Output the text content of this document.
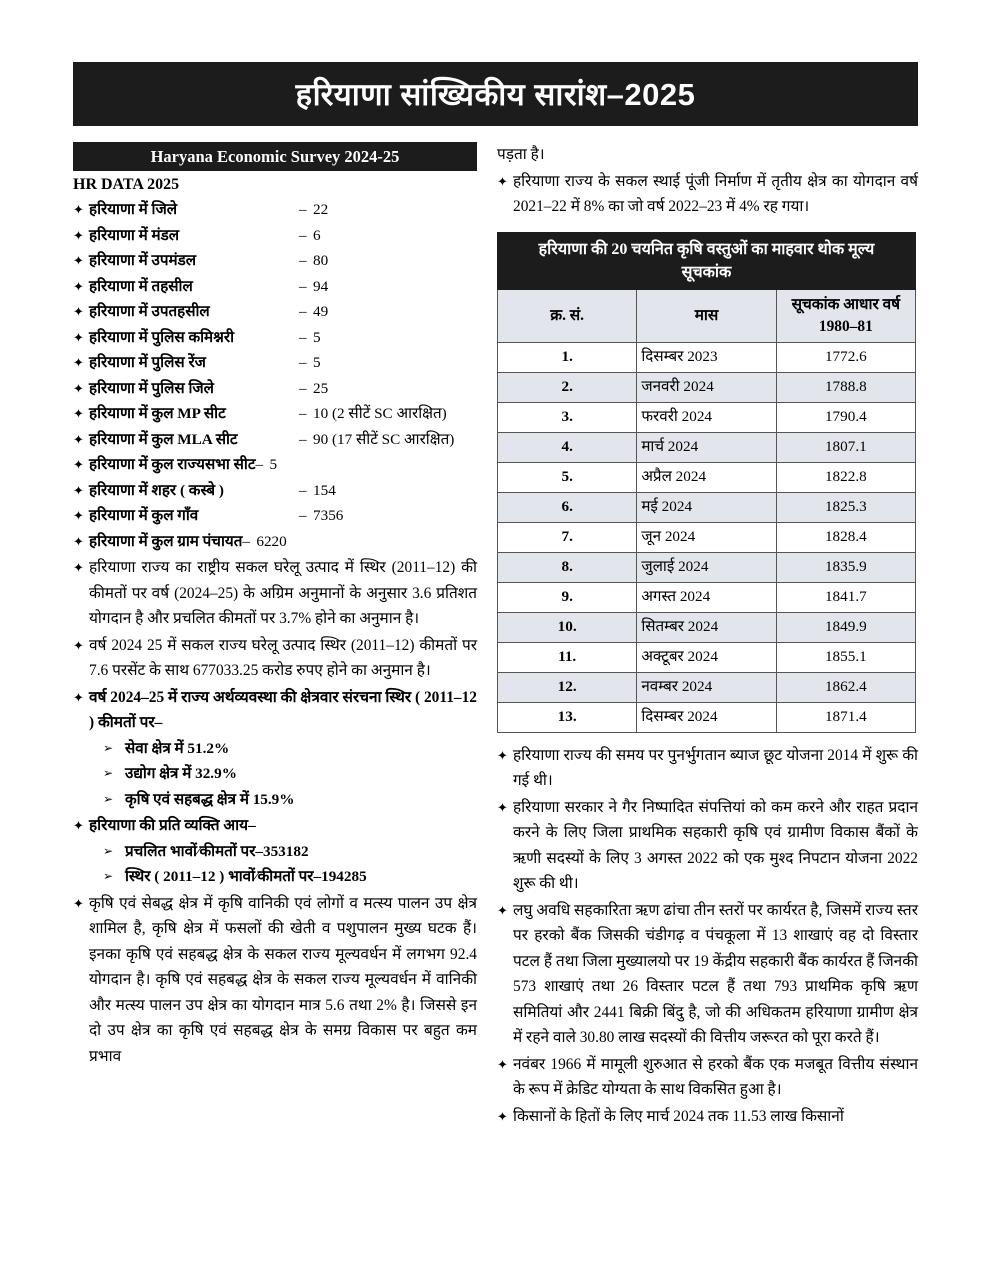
हरियाणा सांख्यिकीय सारांश–2025
Haryana Economic Survey 2024-25
HR DATA 2025
✦ हरियाणा में जिले	– 22
✦ हरियाणा में मंडल	– 6
✦ हरियाणा में उपमंडल	– 80
✦ हरियाणा में तहसील	– 94
✦ हरियाणा में उपतहसील	– 49
✦ हरियाणा में पुलिस कमिश्नरी	– 5
✦ हरियाणा में पुलिस रेंज	– 5
✦ हरियाणा में पुलिस जिले	– 25
✦ हरियाणा में कुल MP सीट	– 10 (2 सीटें SC आरक्षित)
✦ हरियाणा में कुल MLA सीट	– 90 (17 सीटें SC आरक्षित)
✦ हरियाणा में कुल राज्यसभा सीट – 5
✦ हरियाणा में शहर ( कस्बे )	– 154
✦ हरियाणा में कुल गाँव	– 7356
✦ हरियाणा में कुल ग्राम पंचायत – 6220
✦ हरियाणा राज्य का राष्ट्रीय सकल घरेलू उत्पाद में स्थिर (2011–12) की कीमतों पर वर्ष (2024–25) के अग्रिम अनुमानों के अनुसार 3.6 प्रतिशत योगदान है और प्रचलित कीमतों पर 3.7% होने का अनुमान है।
✦ वर्ष 2024 25 में सकल राज्य घरेलू उत्पाद स्थिर (2011–12) कीमतों पर 7.6 परसेंट के साथ 677033.25 करोड रुपए होने का अनुमान है।
✦ वर्ष 2024–25 में राज्य अर्थव्यवस्था की क्षेत्रवार संरचना स्थिर ( 2011–12 ) कीमतों पर–
➢ सेवा क्षेत्र में 51.2%
➢ उद्योग क्षेत्र में 32.9%
➢ कृषि एवं सहबद्ध क्षेत्र में 15.9%
✦ हरियाणा की प्रति व्यक्ति आय–
➢ प्रचलित भावों⁄कीमतों पर–353182
➢ स्थिर ( 2011–12 ) भावों⁄कीमतों पर–194285
✦ कृषि एवं सेबद्ध क्षेत्र में कृषि वानिकी एवं लोगों व मत्स्य पालन उप क्षेत्र शामिल है, कृषि क्षेत्र में फसलों की खेती व पशुपालन मुख्य घटक हैं। इनका कृषि एवं सहबद्ध क्षेत्र के सकल राज्य मूल्यवर्धन में लगभग 92.4 योगदान है। कृषि एवं सहबद्ध क्षेत्र के सकल राज्य मूल्यवर्धन में वानिकी और मत्स्य पालन उप क्षेत्र का योगदान मात्र 5.6 तथा 2% है। जिससे इन दो उप क्षेत्र का कृषि एवं सहबद्ध क्षेत्र के समग्र विकास पर बहुत कम प्रभाव
पड़ता है।
✦ हरियाणा राज्य के सकल स्थाई पूंजी निर्माण में तृतीय क्षेत्र का योगदान वर्ष 2021–22 में 8% का जो वर्ष 2022–23 में 4% रह गया।
हरियाणा की 20 चयनित कृषि वस्तुओं का माहवार थोक मूल्य सूचकांक		
क्र. सं.	मास	सूचकांक आधार वर्ष
1980–81

1.	दिसम्बर 2023	1772.6
2.	जनवरी 2024	1788.8
3.	फरवरी 2024	1790.4
4.	मार्च 2024	1807.1
5.	अप्रैल 2024	1822.8
6.	मई 2024	1825.3
7.	जून 2024	1828.4
8.	जुलाई 2024	1835.9
9.	अगस्त 2024	1841.7
10.	सितम्बर 2024	1849.9
11.	अक्टूबर 2024	1855.1
12.	नवम्बर 2024	1862.4
13.	दिसम्बर 2024	1871.4
✦ हरियाणा राज्य की समय पर पुनर्भुगतान ब्याज छूट योजना 2014 में शुरू की गई थी।
✦ हरियाणा सरकार ने गैर निष्पादित संपत्तियां को कम करने और राहत प्रदान करने के लिए जिला प्राथमिक सहकारी कृषि एवं ग्रामीण विकास बैंकों के ऋणी सदस्यों के लिए 3 अगस्त 2022 को एक मुश्द निपटान योजना 2022 शुरू की थी।
✦ लघु अवधि सहकारिता ऋण ढांचा तीन स्तरों पर कार्यरत है, जिसमें राज्य स्तर पर हरको बैंक जिसकी चंडीगढ़ व पंचकूला में 13 शाखाएं वह दो विस्तार पटल हैं तथा जिला मुख्यालयो पर 19 केंद्रीय सहकारी बैंक कार्यरत हैं जिनकी 573 शाखाएं तथा 26 विस्तार पटल हैं तथा 793 प्राथमिक कृषि ऋण समितियां और 2441 बिक्री बिंदु है, जो की अधिकतम हरियाणा ग्रामीण क्षेत्र में रहने वाले 30.80 लाख सदस्यों की वित्तीय जरूरत को पूरा करते हैं।
✦ नवंबर 1966 में मामूली शुरुआत से हरको बैंक एक मजबूत वित्तीय संस्थान के रूप में क्रेडिट योग्यता के साथ विकसित हुआ है।
✦ किसानों के हितों के लिए मार्च 2024 तक 11.53 लाख किसानों
